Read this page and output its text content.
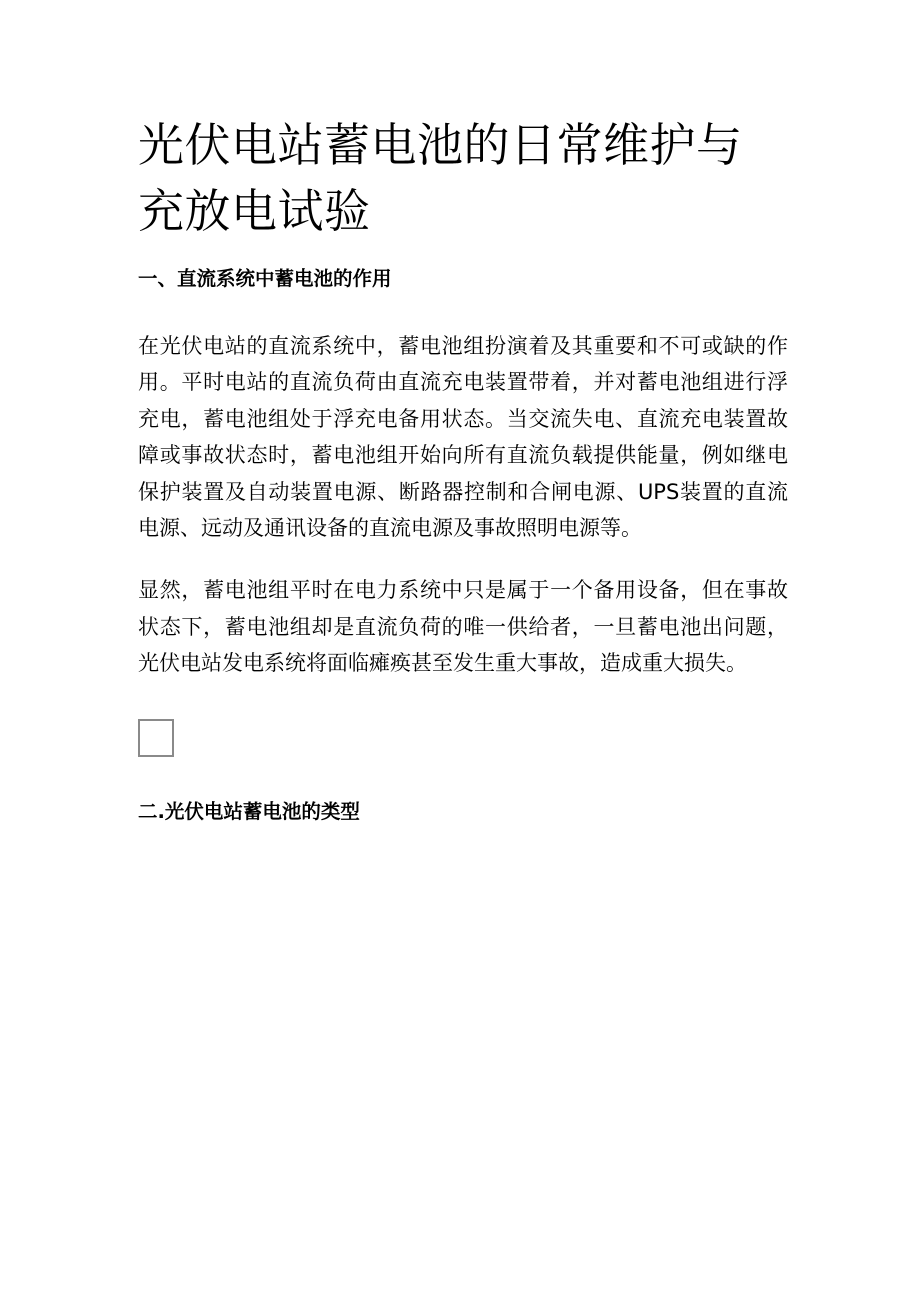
光伏电站蓄电池的日常维护与充放电试验
一、直流系统中蓄电池的作用

在光伏电站的直流系统中，蓄电池组扮演着及其重要和不可或缺的作用。平时电站的直流负荷由直流充电装置带着，并对蓄电池组进行浮充电，蓄电池组处于浮充电备用状态。当交流失电、直流充电装置故障或事故状态时，蓄电池组开始向所有直流负载提供能量，例如继电保护装置及自动装置电源、断路器控制和合闸电源、UPS装置的直流电源、远动及通讯设备的直流电源及事故照明电源等。

显然，蓄电池组平时在电力系统中只是属于一个备用设备，但在事故状态下，蓄电池组却是直流负荷的唯一供给者，一旦蓄电池出问题，光伏电站发电系统将面临瘫痪甚至发生重大事故，造成重大损失。

二.光伏电站蓄电池的类型
